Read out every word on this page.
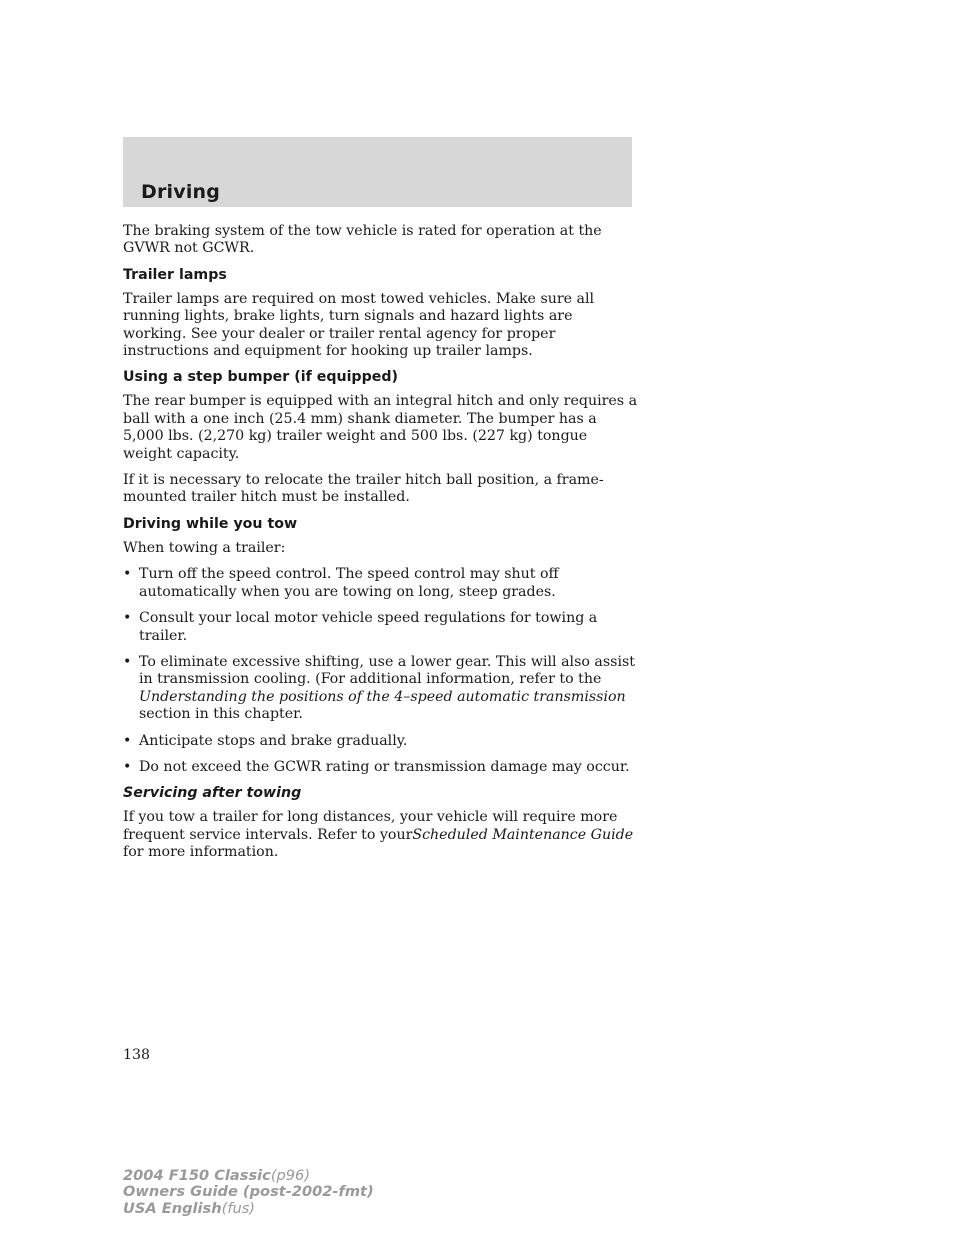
Driving

The braking system of the tow vehicle is rated for operation at the GVWR not GCWR.

Trailer lamps

Trailer lamps are required on most towed vehicles. Make sure all running lights, brake lights, turn signals and hazard lights are working. See your dealer or trailer rental agency for proper instructions and equipment for hooking up trailer lamps.

Using a step bumper (if equipped)

The rear bumper is equipped with an integral hitch and only requires a ball with a one inch (25.4 mm) shank diameter. The bumper has a 5,000 lbs. (2,270 kg) trailer weight and 500 lbs. (227 kg) tongue weight capacity.

If it is necessary to relocate the trailer hitch ball position, a frame-mounted trailer hitch must be installed.

Driving while you tow

When towing a trailer:

• Turn off the speed control. The speed control may shut off automatically when you are towing on long, steep grades.
• Consult your local motor vehicle speed regulations for towing a trailer.
• To eliminate excessive shifting, use a lower gear. This will also assist in transmission cooling. (For additional information, refer to the Understanding the positions of the 4–speed automatic transmission section in this chapter.
• Anticipate stops and brake gradually.
• Do not exceed the GCWR rating or transmission damage may occur.
Servicing after towing

If you tow a trailer for long distances, your vehicle will require more frequent service intervals. Refer to yourScheduled Maintenance Guide for more information.

138
2004 F150 Classic(p96)
Owners Guide (post-2002-fmt)
USA English(fus)
